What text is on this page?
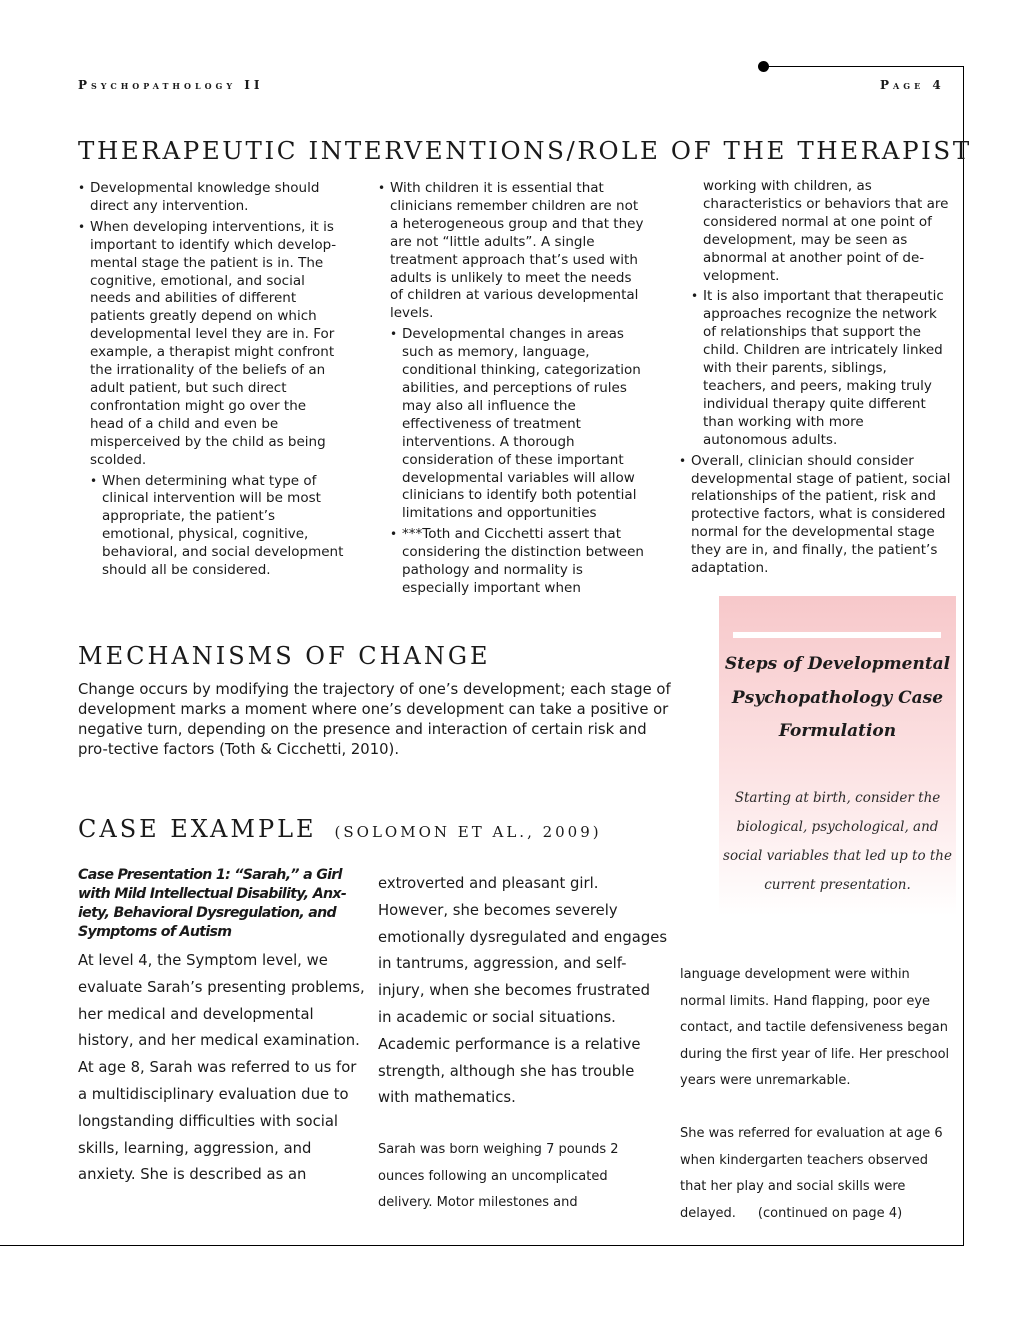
Psychopathology II	Page 4
THERAPEUTIC INTERVENTIONS/ROLE OF THE THERAPIST
• Developmental knowledge should direct any intervention.
• When developing interventions, it is important to identify which develop-mental stage the patient is in. The cognitive, emotional, and social needs and abilities of different patients greatly depend on which developmental level they are in. For example, a therapist might confront the irrationality of the beliefs of an adult patient, but such direct confrontation might go over the head of a child and even be misperceived by the child as being scolded.
• When determining what type of clinical intervention will be most appropriate, the patient’s emotional, physical, cognitive, behavioral, and social development should all be considered.
• With children it is essential that clinicians remember children are not a heterogeneous group and that they are not “little adults”. A single treatment approach that’s used with adults is unlikely to meet the needs of children at various developmental levels.
• Developmental changes in areas such as memory, language, conditional thinking, categorization abilities, and perceptions of rules may also all influence the effectiveness of treatment interventions. A thorough consideration of these important developmental variables will allow clinicians to identify both potential limitations and opportunities
• ***Toth and Cicchetti assert that considering the distinction between pathology and normality is especially important when
working with children, as characteristics or behaviors that are considered normal at one point of development, may be seen as abnormal at another point of de-velopment.
• It is also important that therapeutic approaches recognize the network of relationships that support the child. Children are intricately linked with their parents, siblings, teachers, and peers, making truly individual therapy quite different than working with more autonomous adults.
• Overall, clinician should consider developmental stage of patient, social relationships of the patient, risk and protective factors, what is considered normal for the developmental stage they are in, and finally, the patient’s adaptation.
Steps of Developmental Psychopathology Case Formulation
Starting at birth, consider the biological, psychological, and social variables that led up to the current presentation.
MECHANISMS OF CHANGE
Change occurs by modifying the trajectory of one’s development; each stage of development marks a moment where one’s development can take a positive or negative turn, depending on the presence and interaction of certain risk and pro-tective factors (Toth & Cicchetti, 2010).
CASE EXAMPLE (SOLOMON ET AL., 2009)
Case Presentation 1: “Sarah,” a Girl with Mild Intellectual Disability, Anx-iety, Behavioral Dysregulation, and Symptoms of Autism
At level 4, the Symptom level, we evaluate Sarah’s presenting problems, her medical and developmental history, and her medical examination. At age 8, Sarah was referred to us for a multidisciplinary evaluation due to longstanding difficulties with social skills, learning, aggression, and anxiety. She is described as an
extroverted and pleasant girl. However, she becomes severely emotionally dysregulated and engages in tantrums, aggression, and self-injury, when she becomes frustrated in academic or social situations. Academic performance is a relative strength, although she has trouble with mathematics.
Sarah was born weighing 7 pounds 2 ounces following an uncomplicated delivery. Motor milestones and
language development were within normal limits. Hand flapping, poor eye contact, and tactile defensiveness began during the first year of life. Her preschool years were unremarkable.
She was referred for evaluation at age 6 when kindergarten teachers observed that her play and social skills were delayed. (continued on page 4)
